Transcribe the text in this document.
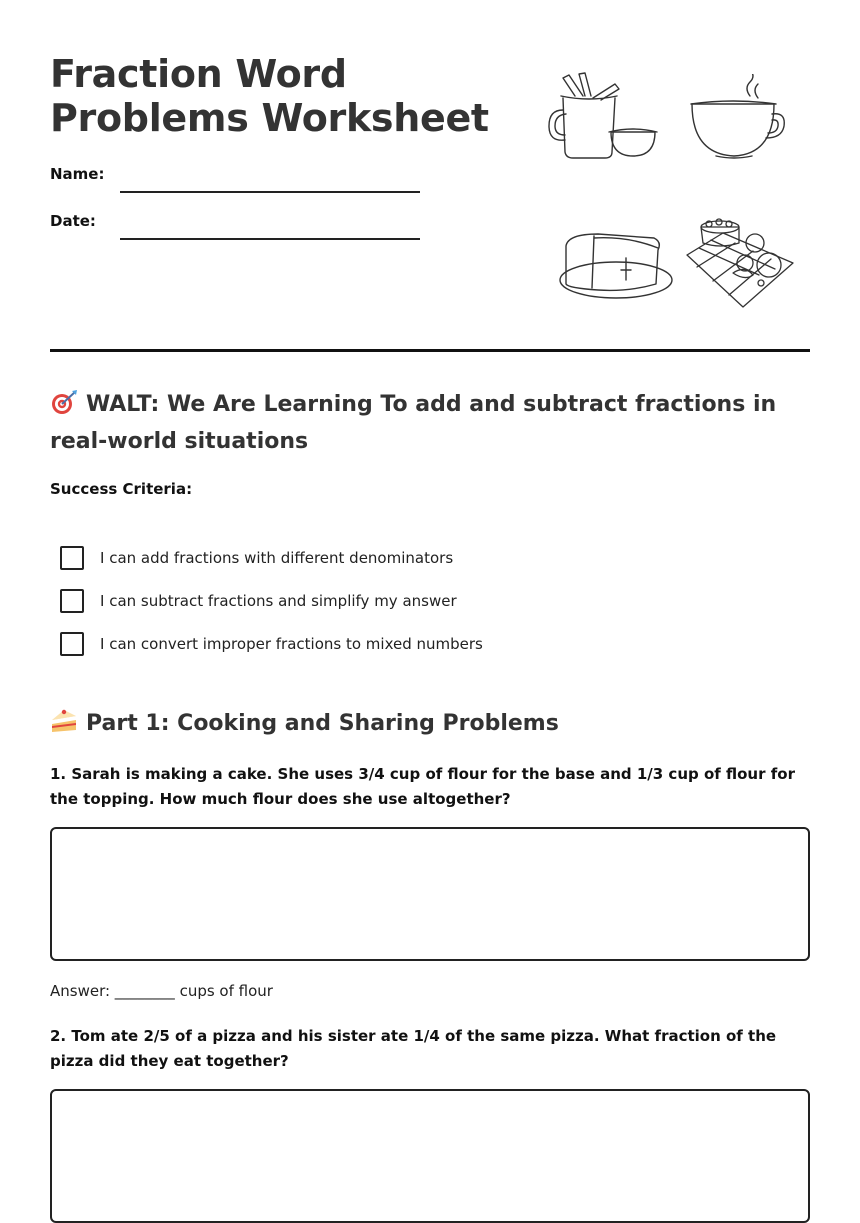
Fraction Word Problems Worksheet
Name:
Date:
WALT: We Are Learning To add and subtract fractions in real-world situations
Success Criteria:
I can add fractions with different denominators
I can subtract fractions and simplify my answer
I can convert improper fractions to mixed numbers
Part 1: Cooking and Sharing Problems

1. Sarah is making a cake. She uses 3/4 cup of flour for the base and 1/3 cup of flour for the topping. How much flour does she use altogether?

Answer: ________ cups of flour

2. Tom ate 2/5 of a pizza and his sister ate 1/4 of the same pizza. What fraction of the pizza did they eat together?
